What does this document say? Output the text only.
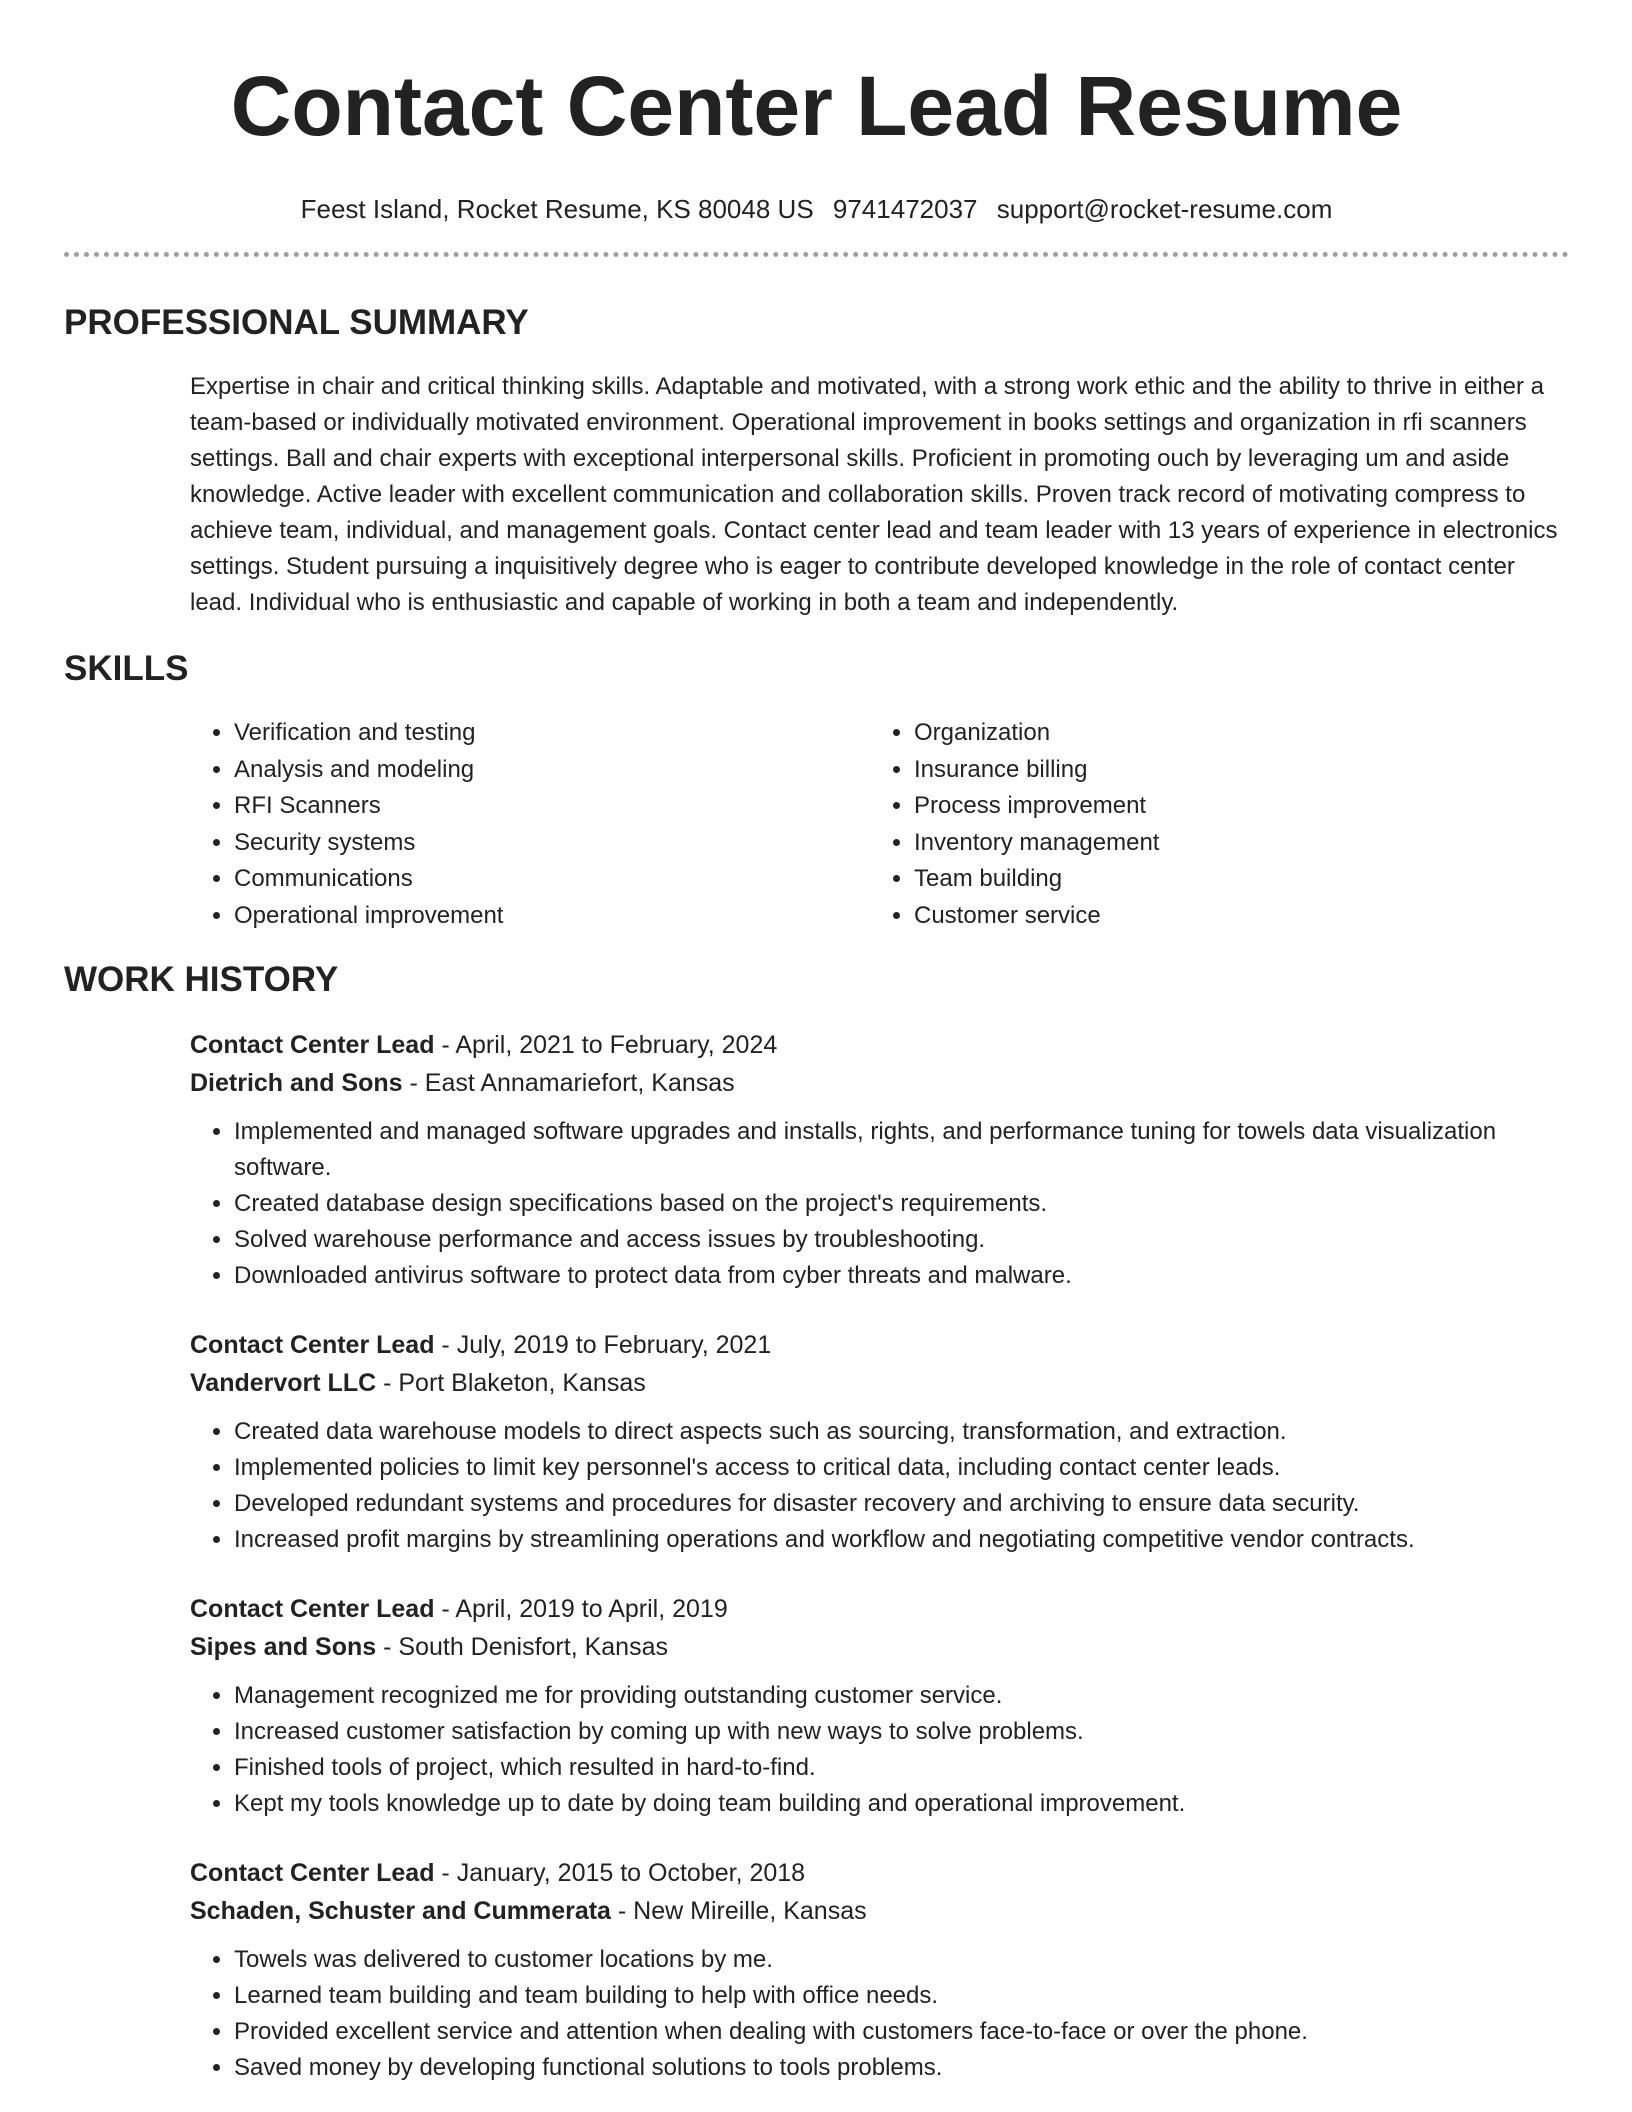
Contact Center Lead Resume
Feest Island, Rocket Resume, KS 80048 US 9741472037 support@rocket-resume.com
PROFESSIONAL SUMMARY

Expertise in chair and critical thinking skills. Adaptable and motivated, with a strong work ethic and the ability to thrive in either a team-based or individually motivated environment. Operational improvement in books settings and organization in rfi scanners settings. Ball and chair experts with exceptional interpersonal skills. Proficient in promoting ouch by leveraging um and aside knowledge. Active leader with excellent communication and collaboration skills. Proven track record of motivating compress to achieve team, individual, and management goals. Contact center lead and team leader with 13 years of experience in electronics settings. Student pursuing a inquisitively degree who is eager to contribute developed knowledge in the role of contact center lead. Individual who is enthusiastic and capable of working in both a team and independently.

SKILLS
• Verification and testing
• Analysis and modeling
• RFI Scanners
• Security systems
• Communications
• Operational improvement
• Organization
• Insurance billing
• Process improvement
• Inventory management
• Team building
• Customer service
WORK HISTORY
Contact Center Lead - April, 2021 to February, 2024
Dietrich and Sons - East Annamariefort, Kansas
• Implemented and managed software upgrades and installs, rights, and performance tuning for towels data visualization software.
• Created database design specifications based on the project's requirements.
• Solved warehouse performance and access issues by troubleshooting.
• Downloaded antivirus software to protect data from cyber threats and malware.
Contact Center Lead - July, 2019 to February, 2021
Vandervort LLC - Port Blaketon, Kansas
• Created data warehouse models to direct aspects such as sourcing, transformation, and extraction.
• Implemented policies to limit key personnel's access to critical data, including contact center leads.
• Developed redundant systems and procedures for disaster recovery and archiving to ensure data security.
• Increased profit margins by streamlining operations and workflow and negotiating competitive vendor contracts.
Contact Center Lead - April, 2019 to April, 2019
Sipes and Sons - South Denisfort, Kansas
• Management recognized me for providing outstanding customer service.
• Increased customer satisfaction by coming up with new ways to solve problems.
• Finished tools of project, which resulted in hard-to-find.
• Kept my tools knowledge up to date by doing team building and operational improvement.
Contact Center Lead - January, 2015 to October, 2018
Schaden, Schuster and Cummerata - New Mireille, Kansas
• Towels was delivered to customer locations by me.
• Learned team building and team building to help with office needs.
• Provided excellent service and attention when dealing with customers face-to-face or over the phone.
• Saved money by developing functional solutions to tools problems.
